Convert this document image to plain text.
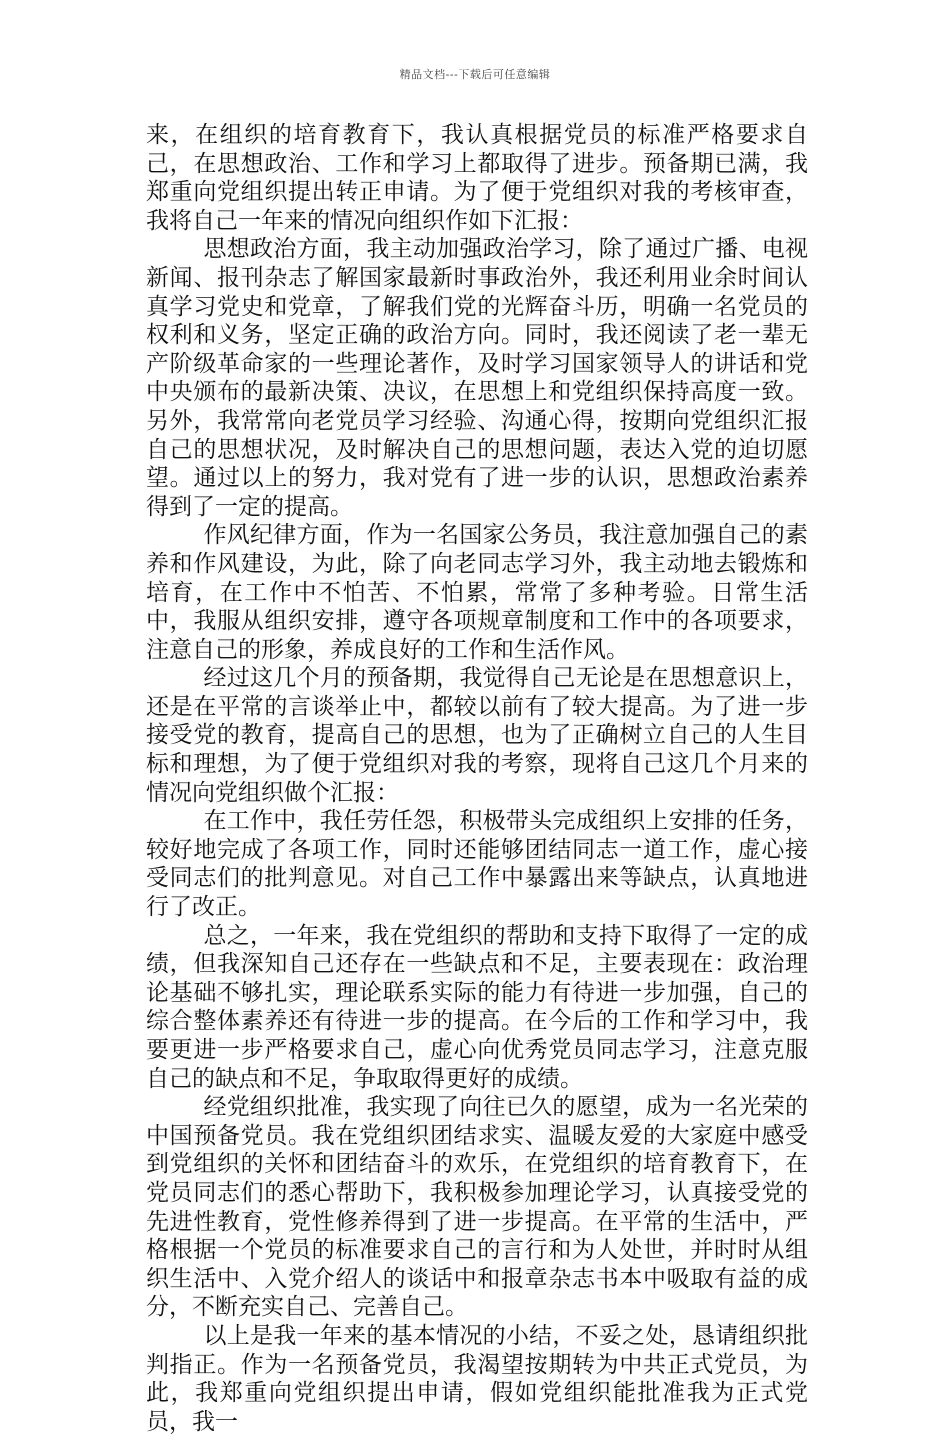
精品文档---下载后可任意编辑

来，在组织的培育教育下，我认真根据党员的标准严格要求自己，在思想政治、工作和学习上都取得了进步。预备期已满，我郑重向党组织提出转正申请。为了便于党组织对我的考核审查，我将自己一年来的情况向组织作如下汇报：

思想政治方面，我主动加强政治学习，除了通过广播、电视新闻、报刊杂志了解国家最新时事政治外，我还利用业余时间认真学习党史和党章，了解我们党的光辉奋斗历，明确一名党员的权利和义务，坚定正确的政治方向。同时，我还阅读了老一辈无产阶级革命家的一些理论著作，及时学习国家领导人的讲话和党中央颁布的最新决策、决议，在思想上和党组织保持高度一致。另外，我常常向老党员学习经验、沟通心得，按期向党组织汇报自己的思想状况，及时解决自己的思想问题，表达入党的迫切愿望。通过以上的努力，我对党有了进一步的认识，思想政治素养得到了一定的提高。

作风纪律方面，作为一名国家公务员，我注意加强自己的素养和作风建设，为此，除了向老同志学习外，我主动地去锻炼和培育，在工作中不怕苦、不怕累，常常了多种考验。日常生活中，我服从组织安排，遵守各项规章制度和工作中的各项要求，注意自己的形象，养成良好的工作和生活作风。

经过这几个月的预备期，我觉得自己无论是在思想意识上，还是在平常的言谈举止中，都较以前有了较大提高。为了进一步接受党的教育，提高自己的思想，也为了正确树立自己的人生目标和理想，为了便于党组织对我的考察，现将自己这几个月来的情况向党组织做个汇报：

在工作中，我任劳任怨，积极带头完成组织上安排的任务，较好地完成了各项工作，同时还能够团结同志一道工作，虚心接受同志们的批判意见。对自己工作中暴露出来等缺点，认真地进行了改正。

总之，一年来，我在党组织的帮助和支持下取得了一定的成绩，但我深知自己还存在一些缺点和不足，主要表现在：政治理论基础不够扎实，理论联系实际的能力有待进一步加强，自己的综合整体素养还有待进一步的提高。在今后的工作和学习中，我要更进一步严格要求自己，虚心向优秀党员同志学习，注意克服自己的缺点和不足，争取取得更好的成绩。

经党组织批准，我实现了向往已久的愿望，成为一名光荣的中国预备党员。我在党组织团结求实、温暖友爱的大家庭中感受到党组织的关怀和团结奋斗的欢乐，在党组织的培育教育下，在党员同志们的悉心帮助下，我积极参加理论学习，认真接受党的先进性教育，党性修养得到了进一步提高。在平常的生活中，严格根据一个党员的标准要求自己的言行和为人处世，并时时从组织生活中、入党介绍人的谈话中和报章杂志书本中吸取有益的成分，不断充实自己、完善自己。

以上是我一年来的基本情况的小结，不妥之处，恳请组织批判指正。作为一名预备党员，我渴望按期转为中共正式党员，为此，我郑重向党组织提出申请，假如党组织能批准我为正式党员，我一
